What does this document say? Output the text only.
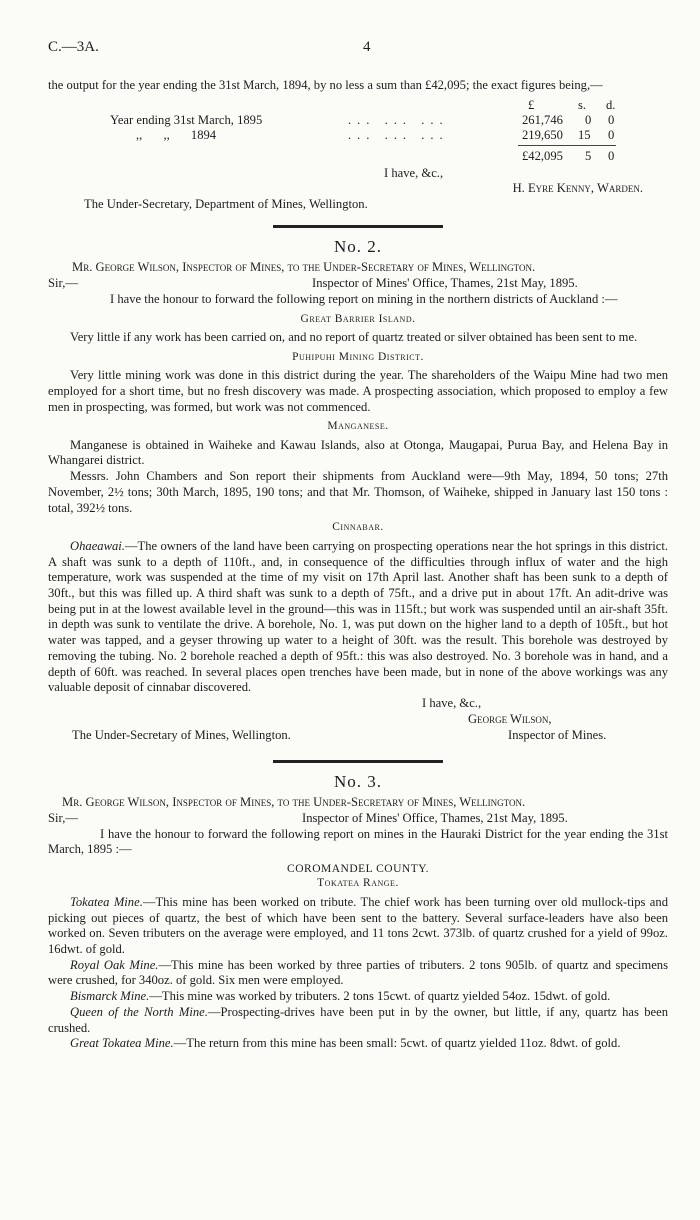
C.—3A.	4

the output for the year ending the 31st March, 1894, by no less a sum than £42,095; the exact figures being,—

£	s. d.
Year ending 31st March, 1895	... ... ...	261,746 0 0
,, ,, 1894	... ... ...	219,650 15 0
£42,095 5 0

I have, &c.,

H. Eyre Kenny, Warden.

The Under-Secretary, Department of Mines, Wellington.

No. 2.

Mr. George Wilson, Inspector of Mines, to the Under-Secretary of Mines, Wellington.

Sir,—	Inspector of Mines' Office, Thames, 21st May, 1895.

I have the honour to forward the following report on mining in the northern districts of Auckland :—

Great Barrier Island.

Very little if any work has been carried on, and no report of quartz treated or silver obtained has been sent to me.

Puhipuhi Mining District.

Very little mining work was done in this district during the year. The shareholders of the Waipu Mine had two men employed for a short time, but no fresh discovery was made. A prospecting association, which proposed to employ a few men in prospecting, was formed, but work was not commenced.

Manganese.

Manganese is obtained in Waiheke and Kawau Islands, also at Otonga, Maugapai, Purua Bay, and Helena Bay in Whangarei district.

Messrs. John Chambers and Son report their shipments from Auckland were—9th May, 1894, 50 tons; 27th November, 2½ tons; 30th March, 1895, 190 tons; and that Mr. Thomson, of Waiheke, shipped in January last 150 tons : total, 392½ tons.

Cinnabar.

Ohaeawai.—The owners of the land have been carrying on prospecting operations near the hot springs in this district. A shaft was sunk to a depth of 110ft., and, in consequence of the difficulties through influx of water and the high temperature, work was suspended at the time of my visit on 17th April last. Another shaft has been sunk to a depth of 30ft., but this was filled up. A third shaft was sunk to a depth of 75ft., and a drive put in about 17ft. An adit-drive was being put in at the lowest available level in the ground—this was in 115ft.; but work was suspended until an air-shaft 35ft. in depth was sunk to ventilate the drive. A borehole, No. 1, was put down on the higher land to a depth of 105ft., but hot water was tapped, and a geyser throwing up water to a height of 30ft. was the result. This borehole was destroyed by removing the tubing. No. 2 borehole reached a depth of 95ft.: this was also destroyed. No. 3 borehole was in hand, and a depth of 60ft. was reached. In several places open trenches have been made, but in none of the above workings was any valuable deposit of cinnabar discovered.

I have, &c.,

George Wilson,

The Under-Secretary of Mines, Wellington.	Inspector of Mines.
No. 3.

Mr. George Wilson, Inspector of Mines, to the Under-Secretary of Mines, Wellington.

Sir,—	Inspector of Mines' Office, Thames, 21st May, 1895.

I have the honour to forward the following report on mines in the Hauraki District for the year ending the 31st March, 1895 :—

COROMANDEL COUNTY.

Tokatea Range.

Tokatea Mine.—This mine has been worked on tribute. The chief work has been turning over old mullock-tips and picking out pieces of quartz, the best of which have been sent to the battery. Several surface-leaders have also been worked on. Seven tributers on the average were employed, and 11 tons 2cwt. 373lb. of quartz crushed for a yield of 99oz. 16dwt. of gold.

Royal Oak Mine.—This mine has been worked by three parties of tributers. 2 tons 905lb. of quartz and specimens were crushed, for 340oz. of gold. Six men were employed.

Bismarck Mine.—This mine was worked by tributers. 2 tons 15cwt. of quartz yielded 54oz. 15dwt. of gold.

Queen of the North Mine.—Prospecting-drives have been put in by the owner, but little, if any, quartz has been crushed.

Great Tokatea Mine.—The return from this mine has been small: 5cwt. of quartz yielded 11oz. 8dwt. of gold.
